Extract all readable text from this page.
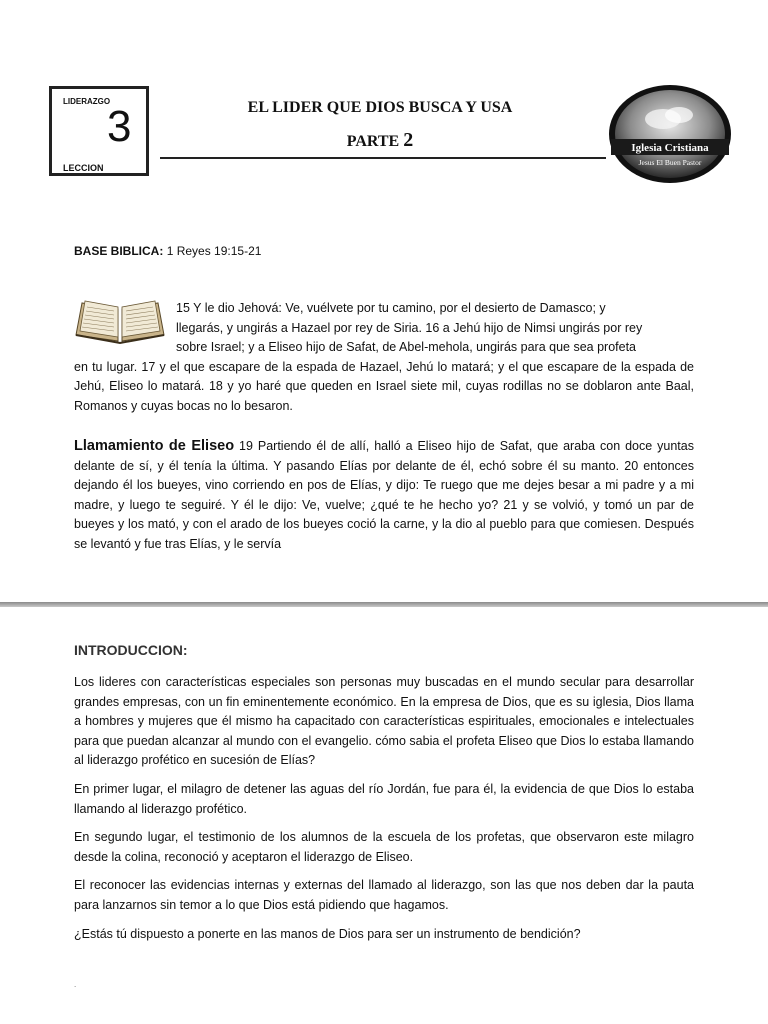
LIDERAZGO
3
LECCION
EL LIDER QUE DIOS BUSCA Y USA
PARTE 2	Iglesia Cristiana
Jesus El Buen Pastor
BASE BIBLICA: 1 Reyes 19:15-21
15 Y le dio Jehová: Ve, vuélvete por tu camino, por el desierto de Damasco; y
llegarás, y ungirás a Hazael por rey de Siria. 16 a Jehú hijo de Nimsi ungirás por rey
sobre Israel; y a Eliseo hijo de Safat, de Abel-mehola, ungirás para que sea profeta
en tu lugar. 17 y el que escapare de la espada de Hazael, Jehú lo matará; y el que escapare de la espada de Jehú, Eliseo lo matará. 18 y yo haré que queden en Israel siete mil, cuyas rodillas no se doblaron ante Baal, Romanos y cuyas bocas no lo besaron.
Llamamiento de Eliseo 19 Partiendo él de allí, halló a Eliseo hijo de Safat, que araba con doce yuntas delante de sí, y él tenía la última. Y pasando Elías por delante de él, echó sobre él su manto. 20 entonces dejando él los bueyes, vino corriendo en pos de Elías, y dijo: Te ruego que me dejes besar a mi padre y a mi madre, y luego te seguiré. Y él le dijo: Ve, vuelve; ¿qué te he hecho yo? 21 y se volvió, y tomó un par de bueyes y los mató, y con el arado de los bueyes coció la carne, y la dio al pueblo para que comiesen. Después se levantó y fue tras Elías, y le servía
INTRODUCCION:

Los lideres con características especiales son personas muy buscadas en el mundo secular para desarrollar grandes empresas, con un fin eminentemente económico. En la empresa de Dios, que es su iglesia, Dios llama a hombres y mujeres que él mismo ha capacitado con características espirituales, emocionales e intelectuales para que puedan alcanzar al mundo con el evangelio. cómo sabia el profeta Eliseo que Dios lo estaba llamando al liderazgo profético en sucesión de Elías?

En primer lugar, el milagro de detener las aguas del río Jordán, fue para él, la evidencia de que Dios lo estaba llamando al liderazgo profético.

En segundo lugar, el testimonio de los alumnos de la escuela de los profetas, que observaron este milagro desde la colina, reconoció y aceptaron el liderazgo de Eliseo.

El reconocer las evidencias internas y externas del llamado al liderazgo, son las que nos deben dar la pauta para lanzarnos sin temor a lo que Dios está pidiendo que hagamos.

¿Estás tú dispuesto a ponerte en las manos de Dios para ser un instrumento de bendición?

.
